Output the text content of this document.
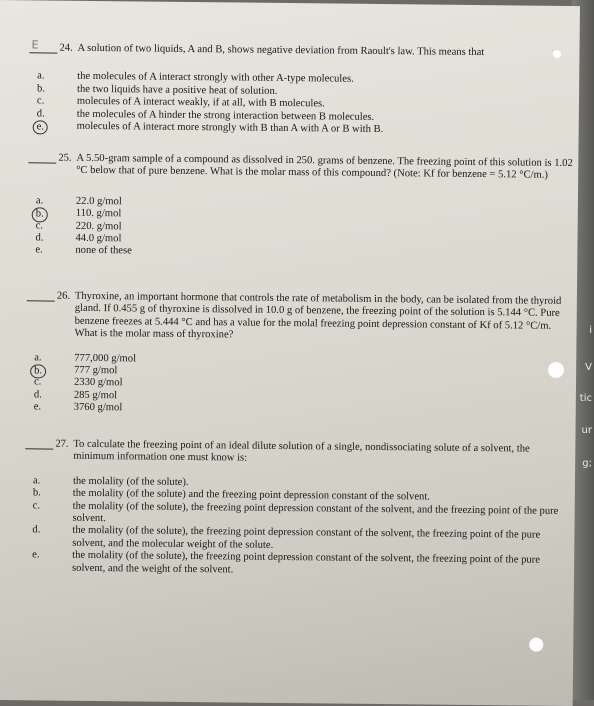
i
V
tic
ur
g;
E 24. A solution of two liquids, A and B, shows negative deviation from Raoult's law. This means that
a.	the molecules of A interact strongly with other A-type molecules.
b.	the two liquids have a positive heat of solution.
c.	molecules of A interact weakly, if at all, with B molecules.
d.	the molecules of A hinder the strong interaction between B molecules.
e.	molecules of A interact more strongly with B than A with A or B with B.
25. A 5.50-gram sample of a compound as dissolved in 250. grams of benzene. The freezing point of this solution is 1.02 °C below that of pure benzene. What is the molar mass of this compound? (Note: Kf for benzene = 5.12 °C/m.)
a.	22.0 g/mol
b.	110. g/mol
c.	220. g/mol
d.	44.0 g/mol
e.	none of these
26. Thyroxine, an important hormone that controls the rate of metabolism in the body, can be isolated from the thyroid gland. If 0.455 g of thyroxine is dissolved in 10.0 g of benzene, the freezing point of the solution is 5.144 °C. Pure benzene freezes at 5.444 °C and has a value for the molal freezing point depression constant of Kf of 5.12 °C/m. What is the molar mass of thyroxine?
a.	777,000 g/mol
b.	777 g/mol
c.	2330 g/mol
d.	285 g/mol
e.	3760 g/mol
27. To calculate the freezing point of an ideal dilute solution of a single, nondissociating solute of a solvent, the minimum information one must know is:
a.	the molality (of the solute).
b.	the molality (of the solute) and the freezing point depression constant of the solvent.
c.	the molality (of the solute), the freezing point depression constant of the solvent, and the freezing point of the pure solvent.
d.	the molality (of the solute), the freezing point depression constant of the solvent, the freezing point of the pure solvent, and the molecular weight of the solute.
e.	the molality (of the solute), the freezing point depression constant of the solvent, the freezing point of the pure solvent, and the weight of the solvent.
